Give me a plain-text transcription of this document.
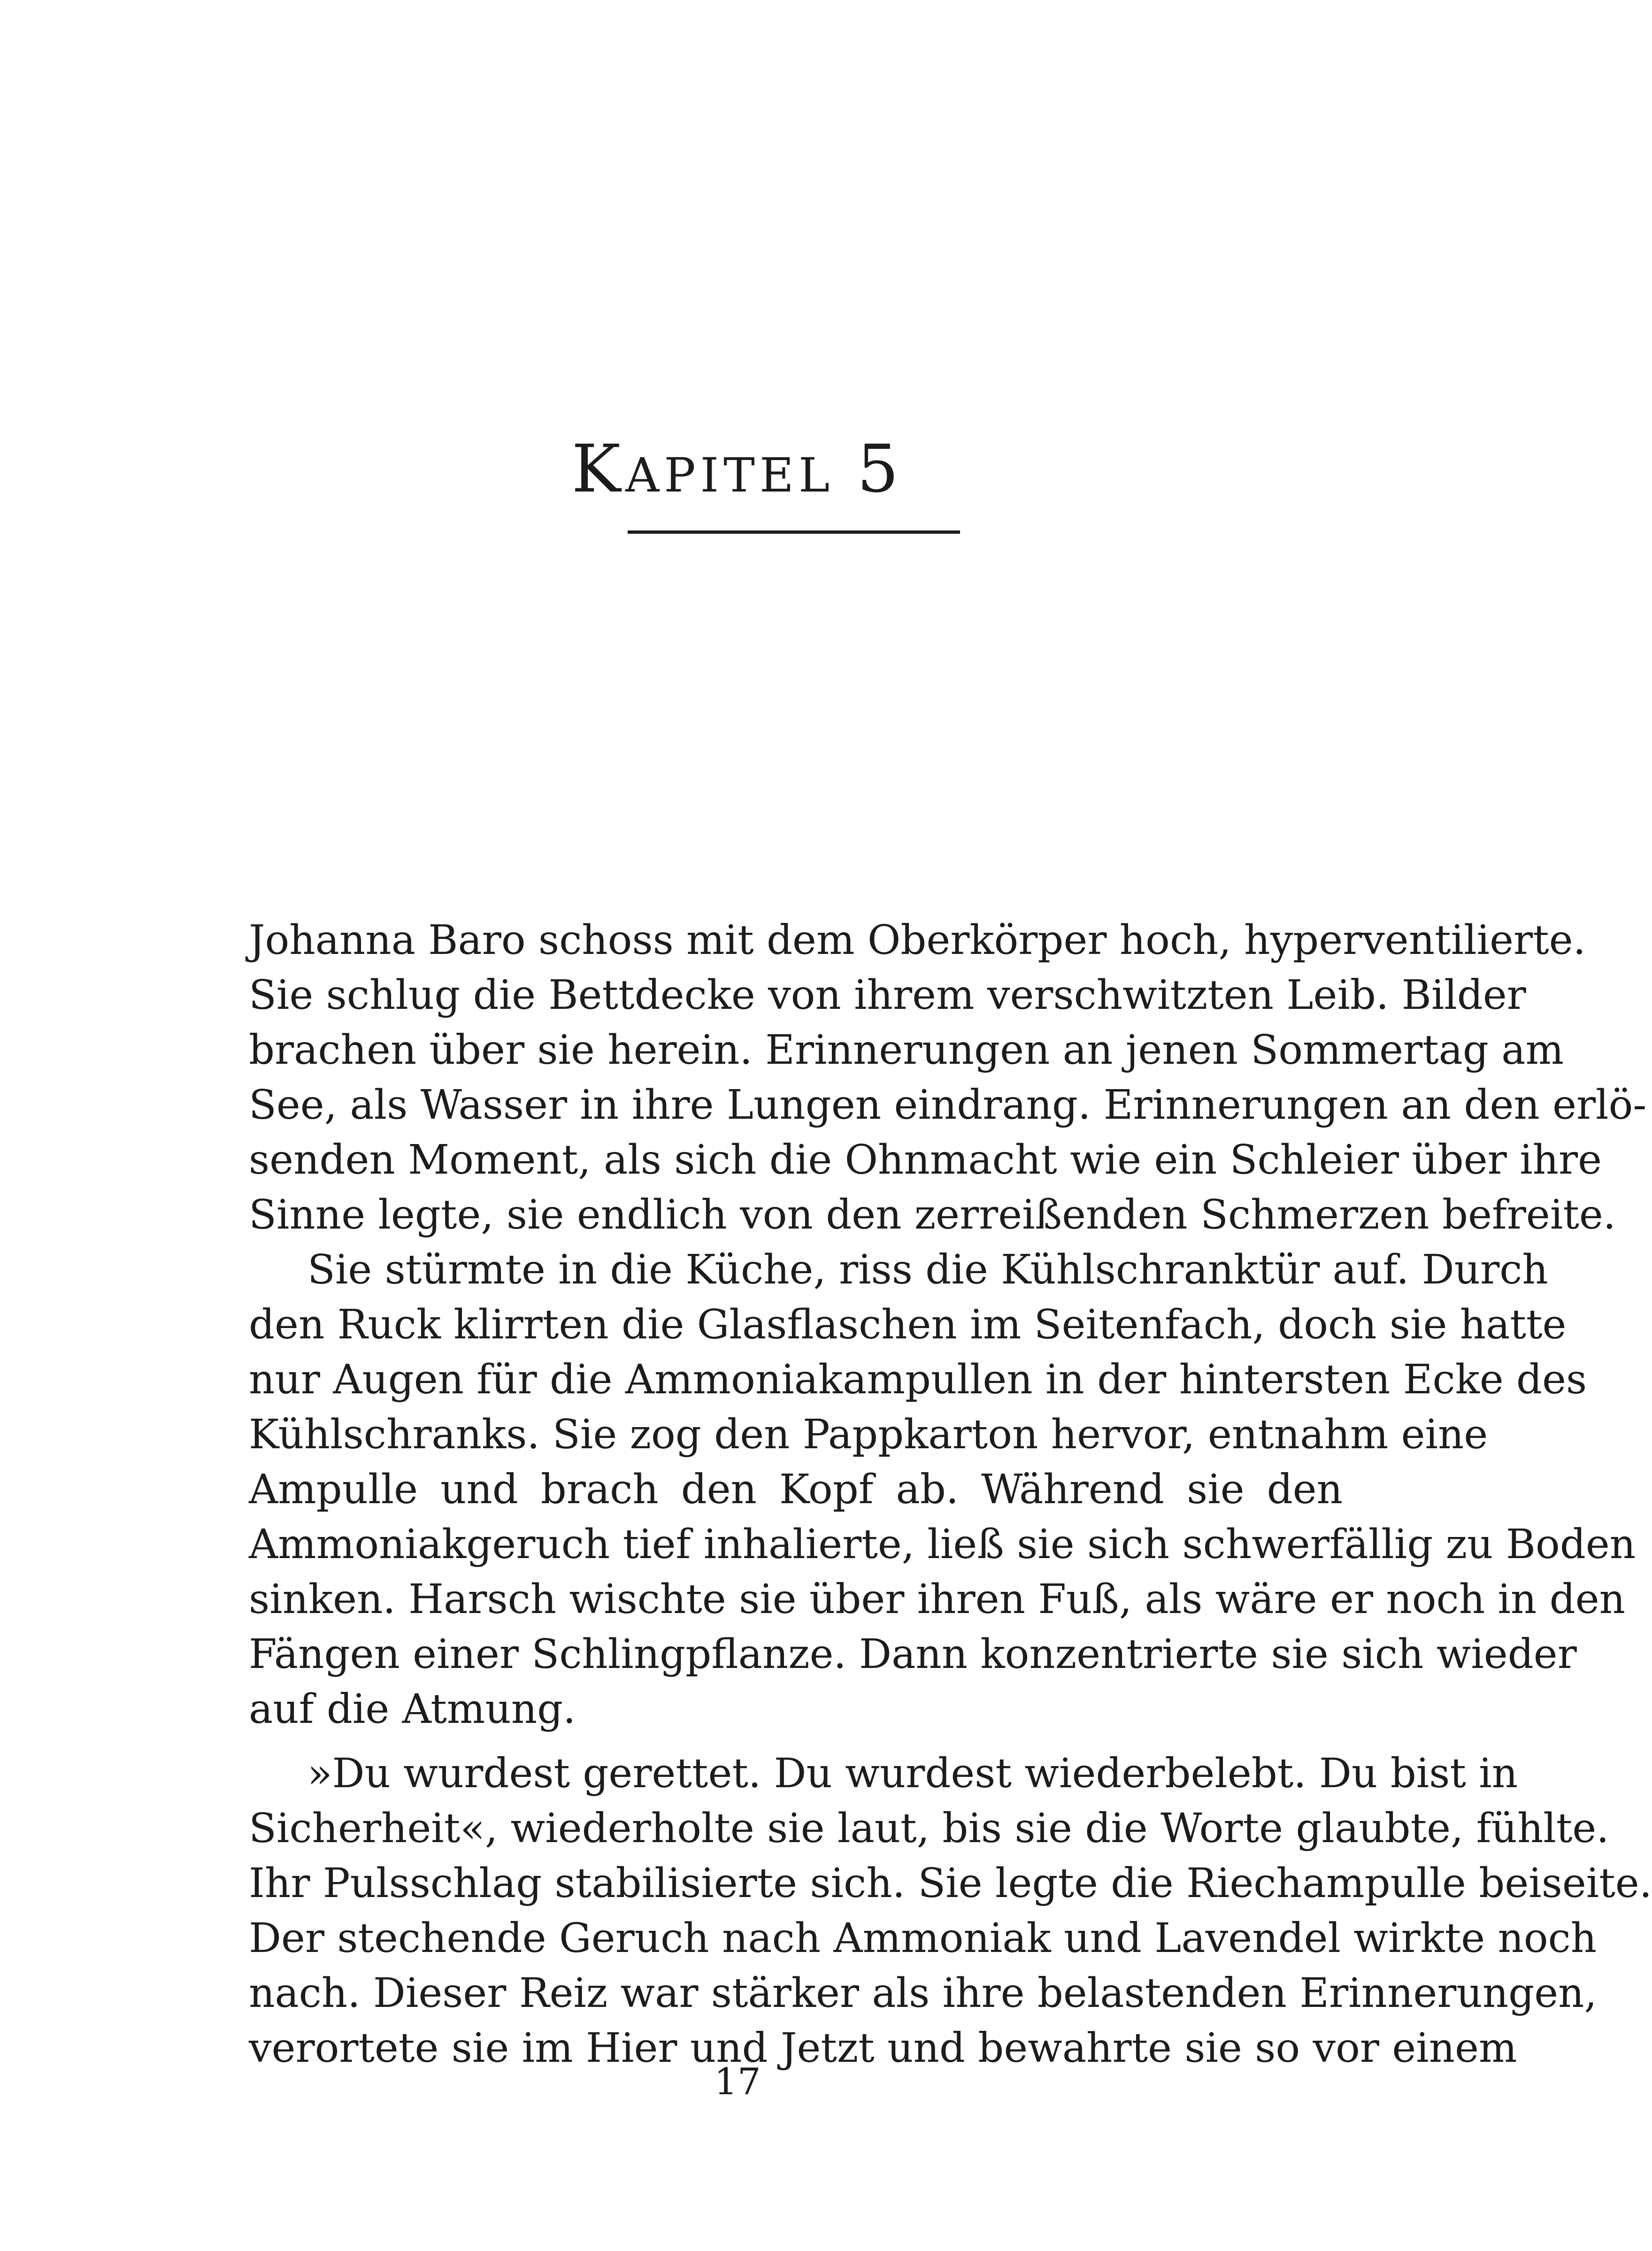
KAPITEL 5
Johanna Baro schoss mit dem Oberkörper hoch, hyperventilierte.
Sie schlug die Bettdecke von ihrem verschwitzten Leib. Bilder
brachen über sie herein. Erinnerungen an jenen Sommertag am
See, als Wasser in ihre Lungen eindrang. Erinnerungen an den erlö-
senden Moment, als sich die Ohnmacht wie ein Schleier über ihre
Sinne legte, sie endlich von den zerreißenden Schmerzen befreite.
Sie stürmte in die Küche, riss die Kühlschranktür auf. Durch
den Ruck klirrten die Glasflaschen im Seitenfach, doch sie hatte
nur Augen für die Ammoniakampullen in der hintersten Ecke des
Kühlschranks. Sie zog den Pappkarton hervor, entnahm eine
Ampulle und brach den Kopf ab. Während sie den
Ammoniakgeruch tief inhalierte, ließ sie sich schwerfällig zu Boden
sinken. Harsch wischte sie über ihren Fuß, als wäre er noch in den
Fängen einer Schlingpflanze. Dann konzentrierte sie sich wieder
auf die Atmung.
»Du wurdest gerettet. Du wurdest wiederbelebt. Du bist in
Sicherheit«, wiederholte sie laut, bis sie die Worte glaubte, fühlte.
Ihr Pulsschlag stabilisierte sich. Sie legte die Riechampulle beiseite.
Der stechende Geruch nach Ammoniak und Lavendel wirkte noch
nach. Dieser Reiz war stärker als ihre belastenden Erinnerungen,
verortete sie im Hier und Jetzt und bewahrte sie so vor einem
17
